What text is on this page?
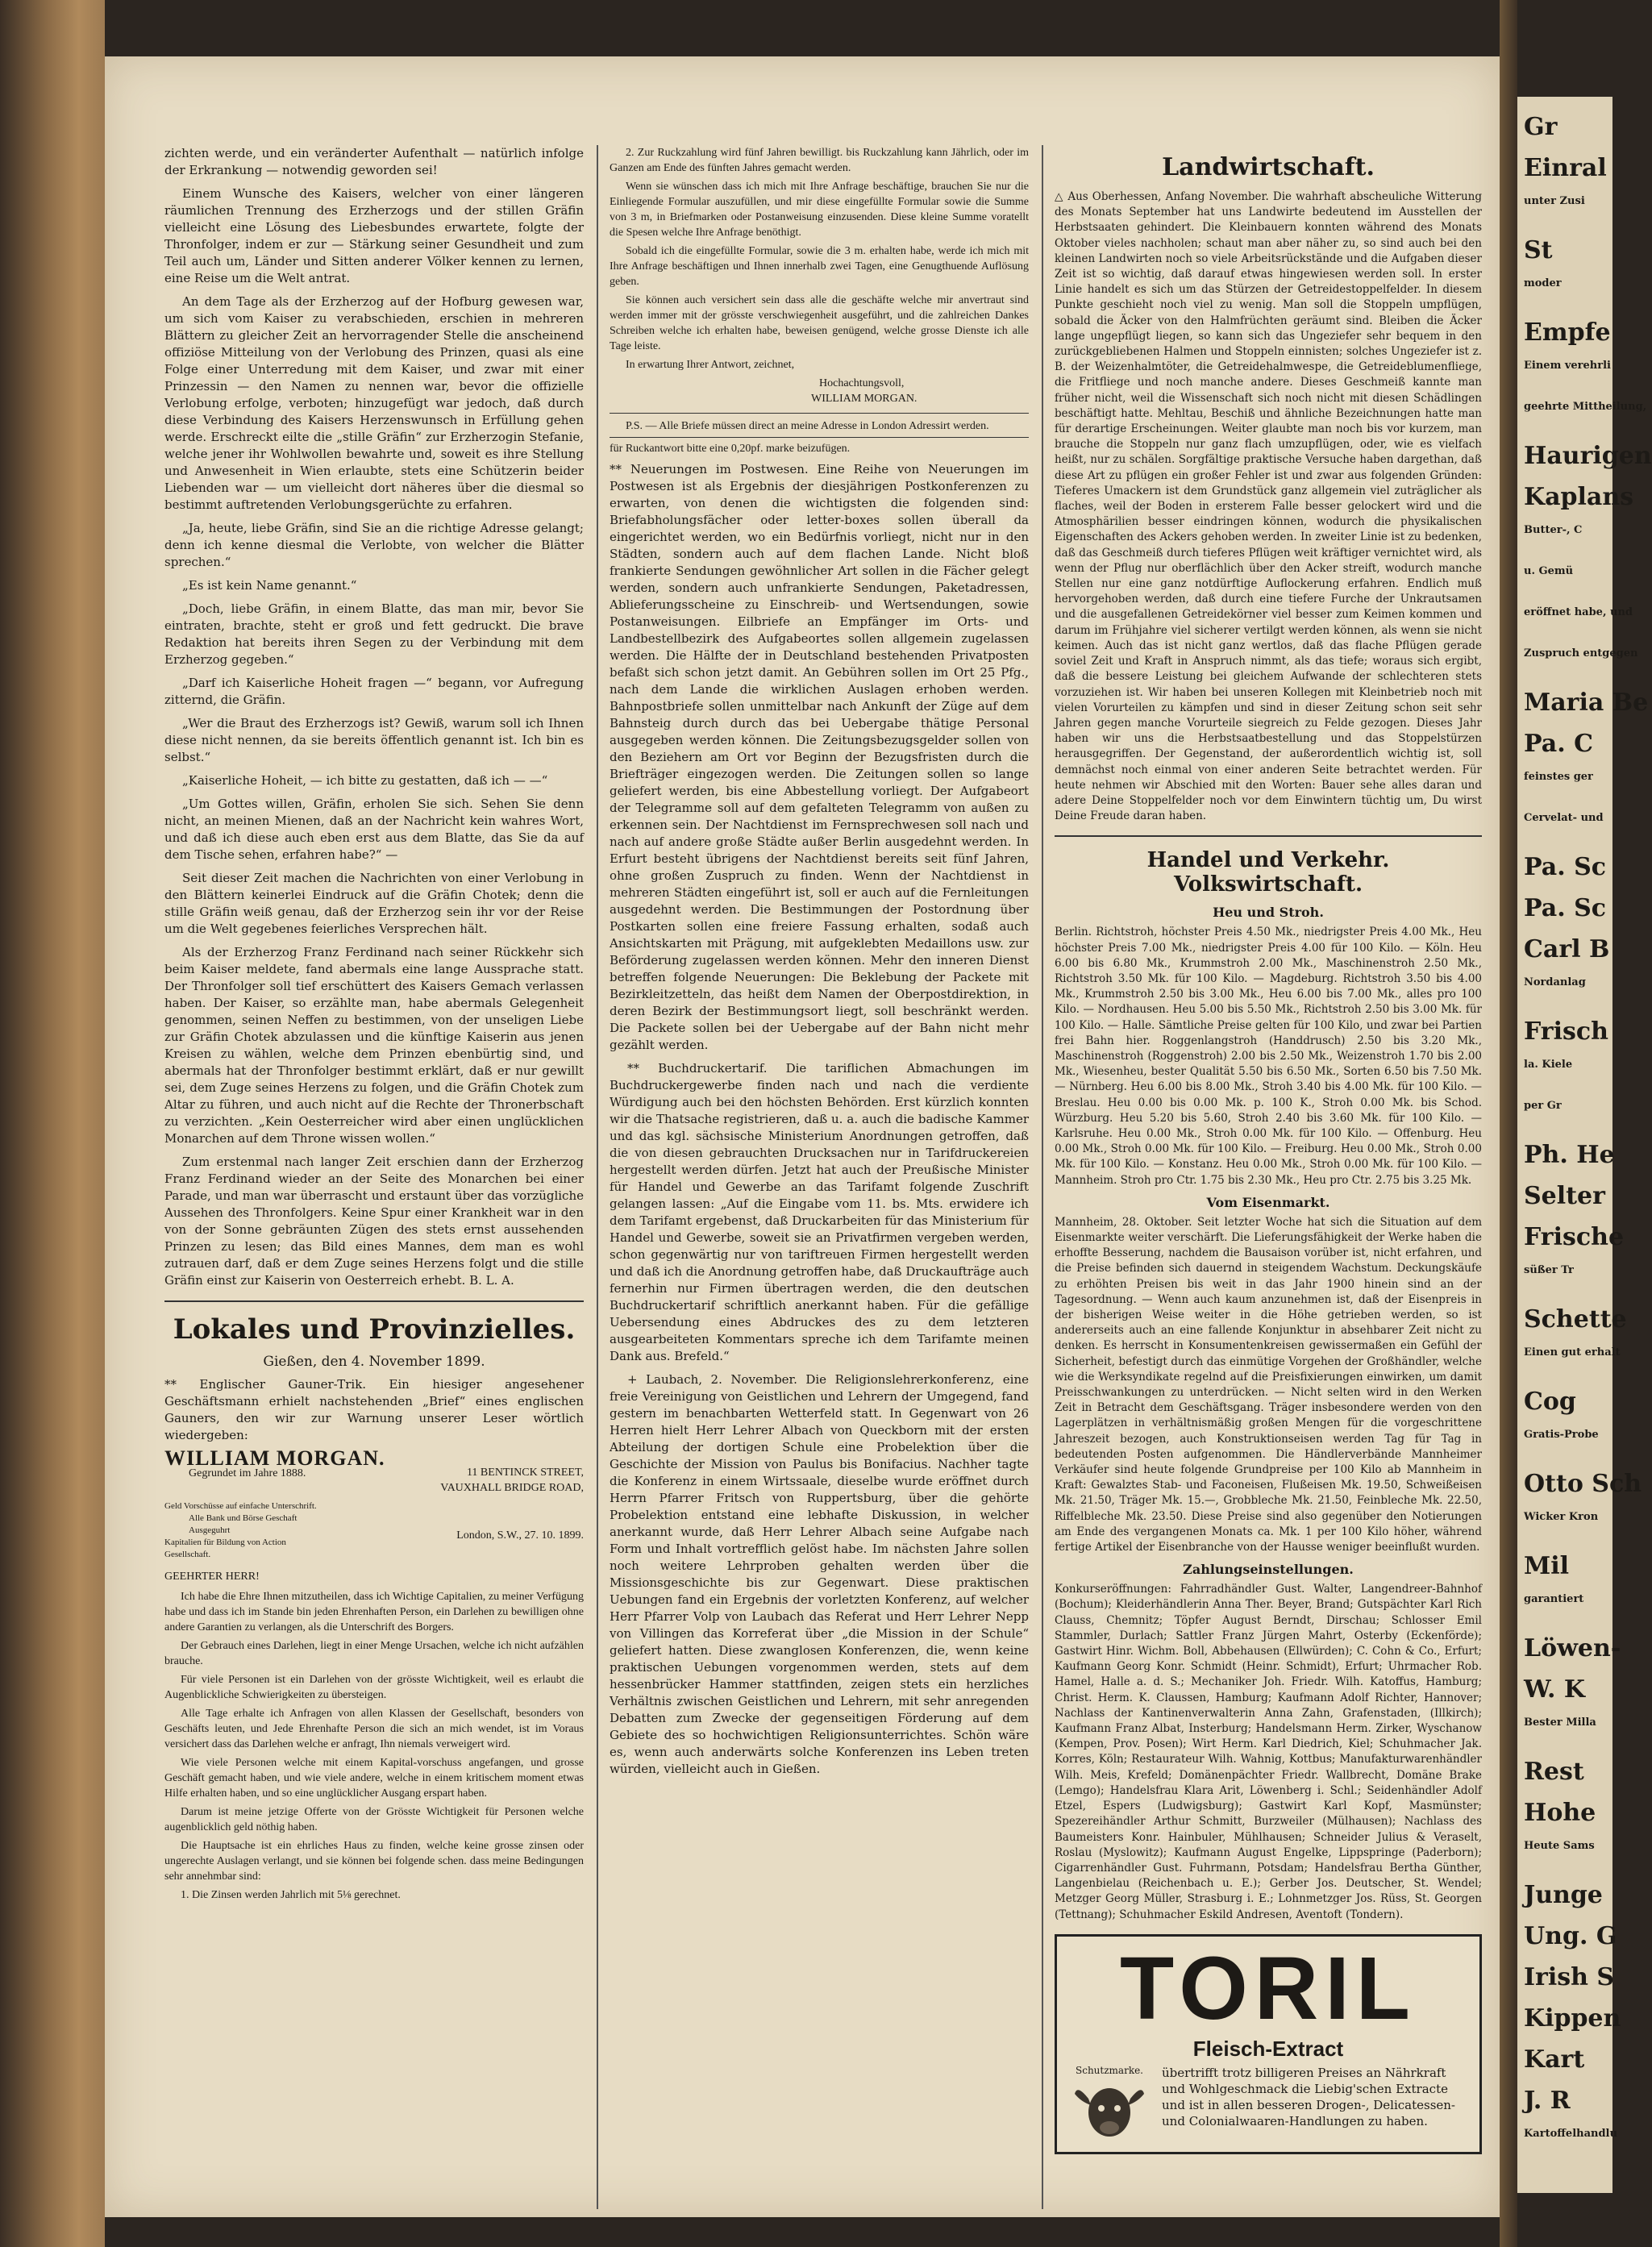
zichten werde, und ein veränderter Aufenthalt — natürlich infolge der Erkrankung — notwendig geworden sei!

Einem Wunsche des Kaisers, welcher von einer längeren räumlichen Trennung des Erzherzogs und der stillen Gräfin vielleicht eine Lösung des Liebesbundes erwartete, folgte der Thronfolger, indem er zur — Stärkung seiner Gesundheit und zum Teil auch um, Länder und Sitten anderer Völker kennen zu lernen, eine Reise um die Welt antrat.

An dem Tage als der Erzherzog auf der Hofburg gewesen war, um sich vom Kaiser zu verabschieden, erschien in mehreren Blättern zu gleicher Zeit an hervorragender Stelle die anscheinend offiziöse Mitteilung von der Verlobung des Prinzen, quasi als eine Folge einer Unterredung mit dem Kaiser, und zwar mit einer Prinzessin — den Namen zu nennen war, bevor die offizielle Verlobung erfolge, verboten; hinzugefügt war jedoch, daß durch diese Verbindung des Kaisers Herzenswunsch in Erfüllung gehen werde. Erschreckt eilte die „stille Gräfin“ zur Erzherzogin Stefanie, welche jener ihr Wohlwollen bewahrte und, soweit es ihre Stellung und Anwesenheit in Wien erlaubte, stets eine Schützerin beider Liebenden war — um vielleicht dort näheres über die diesmal so bestimmt auftretenden Verlobungsgerüchte zu erfahren.

„Ja, heute, liebe Gräfin, sind Sie an die richtige Adresse gelangt; denn ich kenne diesmal die Verlobte, von welcher die Blätter sprechen.“

„Es ist kein Name genannt.“

„Doch, liebe Gräfin, in einem Blatte, das man mir, bevor Sie eintraten, brachte, steht er groß und fett gedruckt. Die brave Redaktion hat bereits ihren Segen zu der Verbindung mit dem Erzherzog gegeben.“

„Darf ich Kaiserliche Hoheit fragen —“ begann, vor Aufregung zitternd, die Gräfin.

„Wer die Braut des Erzherzogs ist? Gewiß, warum soll ich Ihnen diese nicht nennen, da sie bereits öffentlich genannt ist. Ich bin es selbst.“

„Kaiserliche Hoheit, — ich bitte zu gestatten, daß ich — —“

„Um Gottes willen, Gräfin, erholen Sie sich. Sehen Sie denn nicht, an meinen Mienen, daß an der Nachricht kein wahres Wort, und daß ich diese auch eben erst aus dem Blatte, das Sie da auf dem Tische sehen, erfahren habe?“ —

Seit dieser Zeit machen die Nachrichten von einer Verlobung in den Blättern keinerlei Eindruck auf die Gräfin Chotek; denn die stille Gräfin weiß genau, daß der Erzherzog sein ihr vor der Reise um die Welt gegebenes feierliches Versprechen hält.

Als der Erzherzog Franz Ferdinand nach seiner Rückkehr sich beim Kaiser meldete, fand abermals eine lange Aussprache statt. Der Thronfolger soll tief erschüttert des Kaisers Gemach verlassen haben. Der Kaiser, so erzählte man, habe abermals Gelegenheit genommen, seinen Neffen zu bestimmen, von der unseligen Liebe zur Gräfin Chotek abzulassen und die künftige Kaiserin aus jenen Kreisen zu wählen, welche dem Prinzen ebenbürtig sind, und abermals hat der Thronfolger bestimmt erklärt, daß er nur gewillt sei, dem Zuge seines Herzens zu folgen, und die Gräfin Chotek zum Altar zu führen, und auch nicht auf die Rechte der Thronerbschaft zu verzichten. „Kein Oesterreicher wird aber einen unglücklichen Monarchen auf dem Throne wissen wollen.“

Zum erstenmal nach langer Zeit erschien dann der Erzherzog Franz Ferdinand wieder an der Seite des Monarchen bei einer Parade, und man war überrascht und erstaunt über das vorzügliche Aussehen des Thronfolgers. Keine Spur einer Krankheit war in den von der Sonne gebräunten Zügen des stets ernst aussehenden Prinzen zu lesen; das Bild eines Mannes, dem man es wohl zutrauen darf, daß er dem Zuge seines Herzens folgt und die stille Gräfin einst zur Kaiserin von Oesterreich erhebt. B. L. A.

Lokales und Provinzielles.
Gießen, den 4. November 1899.

** Englischer Gauner-Trik. Ein hiesiger angesehener Geschäftsmann erhielt nachstehenden „Brief“ eines englischen Gauners, den wir zur Warnung unserer Leser wörtlich wiedergeben:

WILLIAM MORGAN.
Gegrundet im Jahre 1888.	11 BENTINCK STREET,
VAUXHALL BRIDGE ROAD,
Geld Vorschüsse auf einfache Unterschrift.
Alle Bank und Börse Geschaft Ausgeguhrt
Kapitalien für Bildung von Action Gesellschaft.
London, S.W., 27. 10. 1899.
GEEHRTER HERR!

Ich habe die Ehre Ihnen mitzutheilen, dass ich Wichtige Capitalien, zu meiner Verfügung habe und dass ich im Stande bin jeden Ehrenhaften Person, ein Darlehen zu bewilligen ohne andere Garantien zu verlangen, als die Unterschrift des Borgers.

Der Gebrauch eines Darlehen, liegt in einer Menge Ursachen, welche ich nicht aufzählen brauche.

Für viele Personen ist ein Darlehen von der grösste Wichtigkeit, weil es erlaubt die Augenblickliche Schwierigkeiten zu übersteigen.

Alle Tage erhalte ich Anfragen von allen Klassen der Gesellschaft, besonders von Geschäfts leuten, und Jede Ehrenhafte Person die sich an mich wendet, ist im Voraus versichert dass das Darlehen welche er anfragt, Ihn niemals verweigert wird.

Wie viele Personen welche mit einem Kapital-vorschuss angefangen, und grosse Geschäft gemacht haben, und wie viele andere, welche in einem kritischem moment etwas Hilfe erhalten haben, und so eine unglücklicher Ausgang erspart haben.

Darum ist meine jetzige Offerte von der Grösste Wichtigkeit für Personen welche augenblicklich geld nöthig haben.

Die Hauptsache ist ein ehrliches Haus zu finden, welche keine grosse zinsen oder ungerechte Auslagen verlangt, und sie können bei folgende schen. dass meine Bedingungen sehr annehmbar sind:

1. Die Zinsen werden Jahrlich mit 5⅛ gerechnet.

2. Zur Ruckzahlung wird fünf Jahren bewilligt. bis Ruckzahlung kann Jährlich, oder im Ganzen am Ende des fünften Jahres gemacht werden.

Wenn sie wünschen dass ich mich mit Ihre Anfrage beschäftige, brauchen Sie nur die Einliegende Formular auszufüllen, und mir diese eingefüllte Formular sowie die Summe von 3 m, in Briefmarken oder Postanweisung einzusenden. Diese kleine Summe voratellt die Spesen welche Ihre Anfrage benöthigt.

Sobald ich die eingefüllte Formular, sowie die 3 m. erhalten habe, werde ich mich mit Ihre Anfrage beschäftigen und Ihnen innerhalb zwei Tagen, eine Genugthuende Auflösung geben.

Sie können auch versichert sein dass alle die geschäfte welche mir anvertraut sind werden immer mit der grösste verschwiegenheit ausgeführt, und die zahlreichen Dankes Schreiben welche ich erhalten habe, beweisen genügend, welche grosse Dienste ich alle Tage leiste.

In erwartung Ihrer Antwort, zeichnet,

Hochachtungsvoll,
WILLIAM MORGAN.

P.S. — Alle Briefe müssen direct an meine Adresse in London Adressirt werden.

für Ruckantwort bitte eine 0,20pf. marke beizufügen.

** Neuerungen im Postwesen. Eine Reihe von Neuerungen im Postwesen ist als Ergebnis der diesjährigen Postkonferenzen zu erwarten, von denen die wichtigsten die folgenden sind: Briefabholungsfächer oder letter-boxes sollen überall da eingerichtet werden, wo ein Bedürfnis vorliegt, nicht nur in den Städten, sondern auch auf dem flachen Lande. Nicht bloß frankierte Sendungen gewöhnlicher Art sollen in die Fächer gelegt werden, sondern auch unfrankierte Sendungen, Paketadressen, Ablieferungsscheine zu Einschreib- und Wertsendungen, sowie Postanweisungen. Eilbriefe an Empfänger im Orts- und Landbestellbezirk des Aufgabeortes sollen allgemein zugelassen werden. Die Hälfte der in Deutschland bestehenden Privatposten befaßt sich schon jetzt damit. An Gebühren sollen im Ort 25 Pfg., nach dem Lande die wirklichen Auslagen erhoben werden. Bahnpostbriefe sollen unmittelbar nach Ankunft der Züge auf dem Bahnsteig durch durch das bei Uebergabe thätige Personal ausgegeben werden können. Die Zeitungsbezugsgelder sollen von den Beziehern am Ort vor Beginn der Bezugsfristen durch die Briefträger eingezogen werden. Die Zeitungen sollen so lange geliefert werden, bis eine Abbestellung vorliegt. Der Aufgabeort der Telegramme soll auf dem gefalteten Telegramm von außen zu erkennen sein. Der Nachtdienst im Fernsprechwesen soll nach und nach auf andere große Städte außer Berlin ausgedehnt werden. In Erfurt besteht übrigens der Nachtdienst bereits seit fünf Jahren, ohne großen Zuspruch zu finden. Wenn der Nachtdienst in mehreren Städten eingeführt ist, soll er auch auf die Fernleitungen ausgedehnt werden. Die Bestimmungen der Postordnung über Postkarten sollen eine freiere Fassung erhalten, sodaß auch Ansichtskarten mit Prägung, mit aufgeklebten Medaillons usw. zur Beförderung zugelassen werden können. Mehr den inneren Dienst betreffen folgende Neuerungen: Die Beklebung der Packete mit Bezirkleitzetteln, das heißt dem Namen der Oberpostdirektion, in deren Bezirk der Bestimmungsort liegt, soll beschränkt werden. Die Packete sollen bei der Uebergabe auf der Bahn nicht mehr gezählt werden.

** Buchdruckertarif. Die tariflichen Abmachungen im Buchdruckergewerbe finden nach und nach die verdiente Würdigung auch bei den höchsten Behörden. Erst kürzlich konnten wir die Thatsache registrieren, daß u. a. auch die badische Kammer und das kgl. sächsische Ministerium Anordnungen getroffen, daß die von diesen gebrauchten Drucksachen nur in Tarifdruckereien hergestellt werden dürfen. Jetzt hat auch der Preußische Minister für Handel und Gewerbe an das Tarifamt folgende Zuschrift gelangen lassen: „Auf die Eingabe vom 11. bs. Mts. erwidere ich dem Tarifamt ergebenst, daß Druckarbeiten für das Ministerium für Handel und Gewerbe, soweit sie an Privatfirmen vergeben werden, schon gegenwärtig nur von tariftreuen Firmen hergestellt werden und daß ich die Anordnung getroffen habe, daß Druckaufträge auch fernerhin nur Firmen übertragen werden, die den deutschen Buchdruckertarif schriftlich anerkannt haben. Für die gefällige Uebersendung eines Abdruckes des zu dem letzteren ausgearbeiteten Kommentars spreche ich dem Tarifamte meinen Dank aus. Brefeld.“

+ Laubach, 2. November. Die Religionslehrerkonferenz, eine freie Vereinigung von Geistlichen und Lehrern der Umgegend, fand gestern im benachbarten Wetterfeld statt. In Gegenwart von 26 Herren hielt Herr Lehrer Albach von Queckborn mit der ersten Abteilung der dortigen Schule eine Probelektion über die Geschichte der Mission von Paulus bis Bonifacius. Nachher tagte die Konferenz in einem Wirtssaale, dieselbe wurde eröffnet durch Herrn Pfarrer Fritsch von Ruppertsburg, über die gehörte Probelektion entstand eine lebhafte Diskussion, in welcher anerkannt wurde, daß Herr Lehrer Albach seine Aufgabe nach Form und Inhalt vortrefflich gelöst habe. Im nächsten Jahre sollen noch weitere Lehrproben gehalten werden über die Missionsgeschichte bis zur Gegenwart. Diese praktischen Uebungen fand ein Ergebnis der vorletzten Konferenz, auf welcher Herr Pfarrer Volp von Laubach das Referat und Herr Lehrer Nepp von Villingen das Korreferat über „die Mission in der Schule“ geliefert hatten. Diese zwanglosen Konferenzen, die, wenn keine praktischen Uebungen vorgenommen werden, stets auf dem hessenbrücker Hammer stattfinden, zeigen stets ein herzliches Verhältnis zwischen Geistlichen und Lehrern, mit sehr anregenden Debatten zum Zwecke der gegenseitigen Förderung auf dem Gebiete des so hochwichtigen Religionsunterrichtes. Schön wäre es, wenn auch anderwärts solche Konferenzen ins Leben treten würden, vielleicht auch in Gießen.

Landwirtschaft.

△ Aus Oberhessen, Anfang November. Die wahrhaft abscheuliche Witterung des Monats September hat uns Landwirte bedeutend im Ausstellen der Herbstsaaten gehindert. Die Kleinbauern konnten während des Monats Oktober vieles nachholen; schaut man aber näher zu, so sind auch bei den kleinen Landwirten noch so viele Arbeitsrückstände und die Aufgaben dieser Zeit ist so wichtig, daß darauf etwas hingewiesen werden soll. In erster Linie handelt es sich um das Stürzen der Getreidestoppelfelder. In diesem Punkte geschieht noch viel zu wenig. Man soll die Stoppeln umpflügen, sobald die Äcker von den Halmfrüchten geräumt sind. Bleiben die Äcker lange ungepflügt liegen, so kann sich das Ungeziefer sehr bequem in den zurückgebliebenen Halmen und Stoppeln einnisten; solches Ungeziefer ist z. B. der Weizenhalmtöter, die Getreidehalmwespe, die Getreideblumenfliege, die Fritfliege und noch manche andere. Dieses Geschmeiß kannte man früher nicht, weil die Wissenschaft sich noch nicht mit diesen Schädlingen beschäftigt hatte. Mehltau, Beschiß und ähnliche Bezeichnungen hatte man für derartige Erscheinungen. Weiter glaubte man noch bis vor kurzem, man brauche die Stoppeln nur ganz flach umzupflügen, oder, wie es vielfach heißt, nur zu schälen. Sorgfältige praktische Versuche haben dargethan, daß diese Art zu pflügen ein großer Fehler ist und zwar aus folgenden Gründen: Tieferes Umackern ist dem Grundstück ganz allgemein viel zuträglicher als flaches, weil der Boden in ersterem Falle besser gelockert wird und die Atmosphärilien besser eindringen können, wodurch die physikalischen Eigenschaften des Ackers gehoben werden. In zweiter Linie ist zu bedenken, daß das Geschmeiß durch tieferes Pflügen weit kräftiger vernichtet wird, als wenn der Pflug nur oberflächlich über den Acker streift, wodurch manche Stellen nur eine ganz notdürftige Auflockerung erfahren. Endlich muß hervorgehoben werden, daß durch eine tiefere Furche der Unkrautsamen und die ausgefallenen Getreidekörner viel besser zum Keimen kommen und darum im Frühjahre viel sicherer vertilgt werden können, als wenn sie nicht keimen. Auch das ist nicht ganz wertlos, daß das flache Pflügen gerade soviel Zeit und Kraft in Anspruch nimmt, als das tiefe; woraus sich ergibt, daß die bessere Leistung bei gleichem Aufwande der schlechteren stets vorzuziehen ist. Wir haben bei unseren Kollegen mit Kleinbetrieb noch mit vielen Vorurteilen zu kämpfen und sind in dieser Zeitung schon seit sehr Jahren gegen manche Vorurteile siegreich zu Felde gezogen. Dieses Jahr haben wir uns die Herbstsaatbestellung und das Stoppelstürzen herausgegriffen. Der Gegenstand, der außerordentlich wichtig ist, soll demnächst noch einmal von einer anderen Seite betrachtet werden. Für heute nehmen wir Abschied mit den Worten: Bauer sehe alles daran und adere Deine Stoppelfelder noch vor dem Einwintern tüchtig um, Du wirst Deine Freude daran haben.

Handel und Verkehr. Volkswirtschaft.
Heu und Stroh.

Berlin. Richtstroh, höchster Preis 4.50 Mk., niedrigster Preis 4.00 Mk., Heu höchster Preis 7.00 Mk., niedrigster Preis 4.00 für 100 Kilo. — Köln. Heu 6.00 bis 6.80 Mk., Krummstroh 2.00 Mk., Maschinenstroh 2.50 Mk., Richtstroh 3.50 Mk. für 100 Kilo. — Magdeburg. Richtstroh 3.50 bis 4.00 Mk., Krummstroh 2.50 bis 3.00 Mk., Heu 6.00 bis 7.00 Mk., alles pro 100 Kilo. — Nordhausen. Heu 5.00 bis 5.50 Mk., Richtstroh 2.50 bis 3.00 Mk. für 100 Kilo. — Halle. Sämtliche Preise gelten für 100 Kilo, und zwar bei Partien frei Bahn hier. Roggenlangstroh (Handdrusch) 2.50 bis 3.20 Mk., Maschinenstroh (Roggenstroh) 2.00 bis 2.50 Mk., Weizenstroh 1.70 bis 2.00 Mk., Wiesenheu, bester Qualität 5.50 bis 6.50 Mk., Sorten 6.50 bis 7.50 Mk. — Nürnberg. Heu 6.00 bis 8.00 Mk., Stroh 3.40 bis 4.00 Mk. für 100 Kilo. — Breslau. Heu 0.00 bis 0.00 Mk. p. 100 K., Stroh 0.00 Mk. bis Schod. Würzburg. Heu 5.20 bis 5.60, Stroh 2.40 bis 3.60 Mk. für 100 Kilo. — Karlsruhe. Heu 0.00 Mk., Stroh 0.00 Mk. für 100 Kilo. — Offenburg. Heu 0.00 Mk., Stroh 0.00 Mk. für 100 Kilo. — Freiburg. Heu 0.00 Mk., Stroh 0.00 Mk. für 100 Kilo. — Konstanz. Heu 0.00 Mk., Stroh 0.00 Mk. für 100 Kilo. — Mannheim. Stroh pro Ctr. 1.75 bis 2.30 Mk., Heu pro Ctr. 2.75 bis 3.25 Mk.

Vom Eisenmarkt.

Mannheim, 28. Oktober. Seit letzter Woche hat sich die Situation auf dem Eisenmarkte weiter verschärft. Die Lieferungsfähigkeit der Werke haben die erhoffte Besserung, nachdem die Bausaison vorüber ist, nicht erfahren, und die Preise befinden sich dauernd in steigendem Wachstum. Deckungskäufe zu erhöhten Preisen bis weit in das Jahr 1900 hinein sind an der Tagesordnung. — Wenn auch kaum anzunehmen ist, daß der Eisenpreis in der bisherigen Weise weiter in die Höhe getrieben werden, so ist andererseits auch an eine fallende Konjunktur in absehbarer Zeit nicht zu denken. Es herrscht in Konsumentenkreisen gewissermaßen ein Gefühl der Sicherheit, befestigt durch das einmütige Vorgehen der Großhändler, welche wie die Werksyndikate regelnd auf die Preisfixierungen einwirken, um damit Preisschwankungen zu unterdrücken. — Nicht selten wird in den Werken Zeit in Betracht dem Geschäftsgang. Träger insbesondere werden von den Lagerplätzen in verhältnismäßig großen Mengen für die vorgeschrittene Jahreszeit bezogen, auch Konstruktionseisen werden Tag für Tag in bedeutenden Posten aufgenommen. Die Händlerverbände Mannheimer Verkäufer sind heute folgende Grundpreise per 100 Kilo ab Mannheim in Kraft: Gewalztes Stab- und Faconeisen, Flußeisen Mk. 19.50, Schweißeisen Mk. 21.50, Träger Mk. 15.—, Grobbleche Mk. 21.50, Feinbleche Mk. 22.50, Riffelbleche Mk. 23.50. Diese Preise sind also gegenüber den Notierungen am Ende des vergangenen Monats ca. Mk. 1 per 100 Kilo höher, während fertige Artikel der Eisenbranche von der Hausse weniger beeinflußt wurden.

Zahlungseinstellungen.

Konkurseröffnungen: Fahrradhändler Gust. Walter, Langendreer-Bahnhof (Bochum); Kleiderhändlerin Anna Ther. Beyer, Brand; Gutspächter Karl Rich Clauss, Chemnitz; Töpfer August Berndt, Dirschau; Schlosser Emil Stammler, Durlach; Sattler Franz Jürgen Mahrt, Osterby (Eckenförde); Gastwirt Hinr. Wichm. Boll, Abbehausen (Ellwürden); C. Cohn & Co., Erfurt; Kaufmann Georg Konr. Schmidt (Heinr. Schmidt), Erfurt; Uhrmacher Rob. Hamel, Halle a. d. S.; Mechaniker Joh. Friedr. Wilh. Katoffus, Hamburg; Christ. Herm. K. Claussen, Hamburg; Kaufmann Adolf Richter, Hannover; Nachlass der Kantinenverwalterin Anna Zahn, Grafenstaden, (Illkirch); Kaufmann Franz Albat, Insterburg; Handelsmann Herm. Zirker, Wyschanow (Kempen, Prov. Posen); Wirt Herm. Karl Diedrich, Kiel; Schuhmacher Jak. Korres, Köln; Restaurateur Wilh. Wahnig, Kottbus; Manufakturwarenhändler Wilh. Meis, Krefeld; Domänenpächter Friedr. Wallbrecht, Domäne Brake (Lemgo); Handelsfrau Klara Arit, Löwenberg i. Schl.; Seidenhändler Adolf Etzel, Espers (Ludwigsburg); Gastwirt Karl Kopf, Masmünster; Spezereihändler Arthur Schmitt, Burzweiler (Mülhausen); Nachlass des Baumeisters Konr. Hainbuler, Mühlhausen; Schneider Julius & Veraselt, Roslau (Myslowitz); Kaufmann August Engelke, Lippspringe (Paderborn); Cigarrenhändler Gust. Fuhrmann, Potsdam; Handelsfrau Bertha Günther, Langenbielau (Reichenbach u. E.); Gerber Jos. Deutscher, St. Wendel; Metzger Georg Müller, Strasburg i. E.; Lohnmetzger Jos. Rüss, St. Georgen (Tettnang); Schuhmacher Eskild Andresen, Aventoft (Tondern).

TORIL
Fleisch-Extract
Schutzmarke.	übertrifft trotz billigeren Preises an Nährkraft und Wohlgeschmack die Liebig'schen Extracte und ist in allen besseren Drogen-, Delicatessen- und Colonialwaaren-Handlungen zu haben.
Gr
Einral
unter Zusi
St
moder
Empfe
Einem verehrli
geehrte Mittheilung,
Haurigen
Kaplans
Butter-, C
u. Gemü
eröffnet habe, und
Zuspruch entgegen
Maria Be
Pa. C
feinstes ger
Cervelat- und
Pa. Sc
Pa. Sc
Carl B
Nordanlag
Frisch
la. Kiele
per Gr
Ph. He
Selter
Frische
süßer Tr
Schette
Einen gut erhalt
Cog
Gratis-Probe
Otto Sch
Wicker Kron
Mil
garantiert
Löwen-
W. K
Bester Milla
Rest
Hohe
Heute Sams
Junge
Ung. G
Irish S
Kippen
Kart
J. R
Kartoffelhandlu
